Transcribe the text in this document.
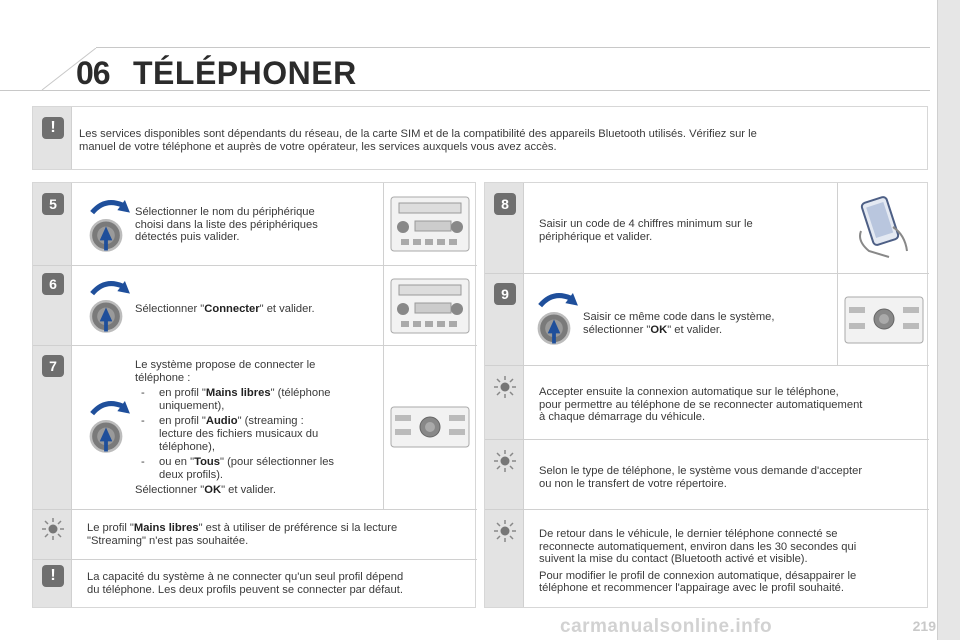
06 TÉLÉPHONER
!	Les services disponibles sont dépendants du réseau, de la carte SIM et de la compatibilité des appareils Bluetooth utilisés. Vérifiez sur le
manuel de votre téléphone et auprès de votre opérateur, les services auxquels vous avez accès.
5	Sélectionner le nom du périphérique
choisi dans la liste des périphériques
détectés puis valider.
6
Sélectionner "Connecter" et valider.
7	Le système propose de connecter le
téléphone :
- en profil "Mains libres" (téléphone
uniquement),
- en profil "Audio" (streaming :
lecture des fichiers musicaux du
téléphone),
- ou en "Tous" (pour sélectionner les
deux profils).
Sélectionner "OK" et valider.
Le profil "Mains libres" est à utiliser de préférence si la lecture
"Streaming" n'est pas souhaitée.
!	La capacité du système à ne connecter qu'un seul profil dépend
du téléphone. Les deux profils peuvent se connecter par défaut.
8
Saisir un code de 4 chiffres minimum sur le
périphérique et valider.
9
Saisir ce même code dans le système,
sélectionner "OK" et valider.
Accepter ensuite la connexion automatique sur le téléphone,
pour permettre au téléphone de se reconnecter automatiquement
à chaque démarrage du véhicule.
Selon le type de téléphone, le système vous demande d'accepter
ou non le transfert de votre répertoire.
De retour dans le véhicule, le dernier téléphone connecté se
reconnecte automatiquement, environ dans les 30 secondes qui
suivent la mise du contact (Bluetooth activé et visible).
Pour modifier le profil de connexion automatique, désappairer le
téléphone et recommencer l'appairage avec le profil souhaité.
carmanualsonline.info	219
